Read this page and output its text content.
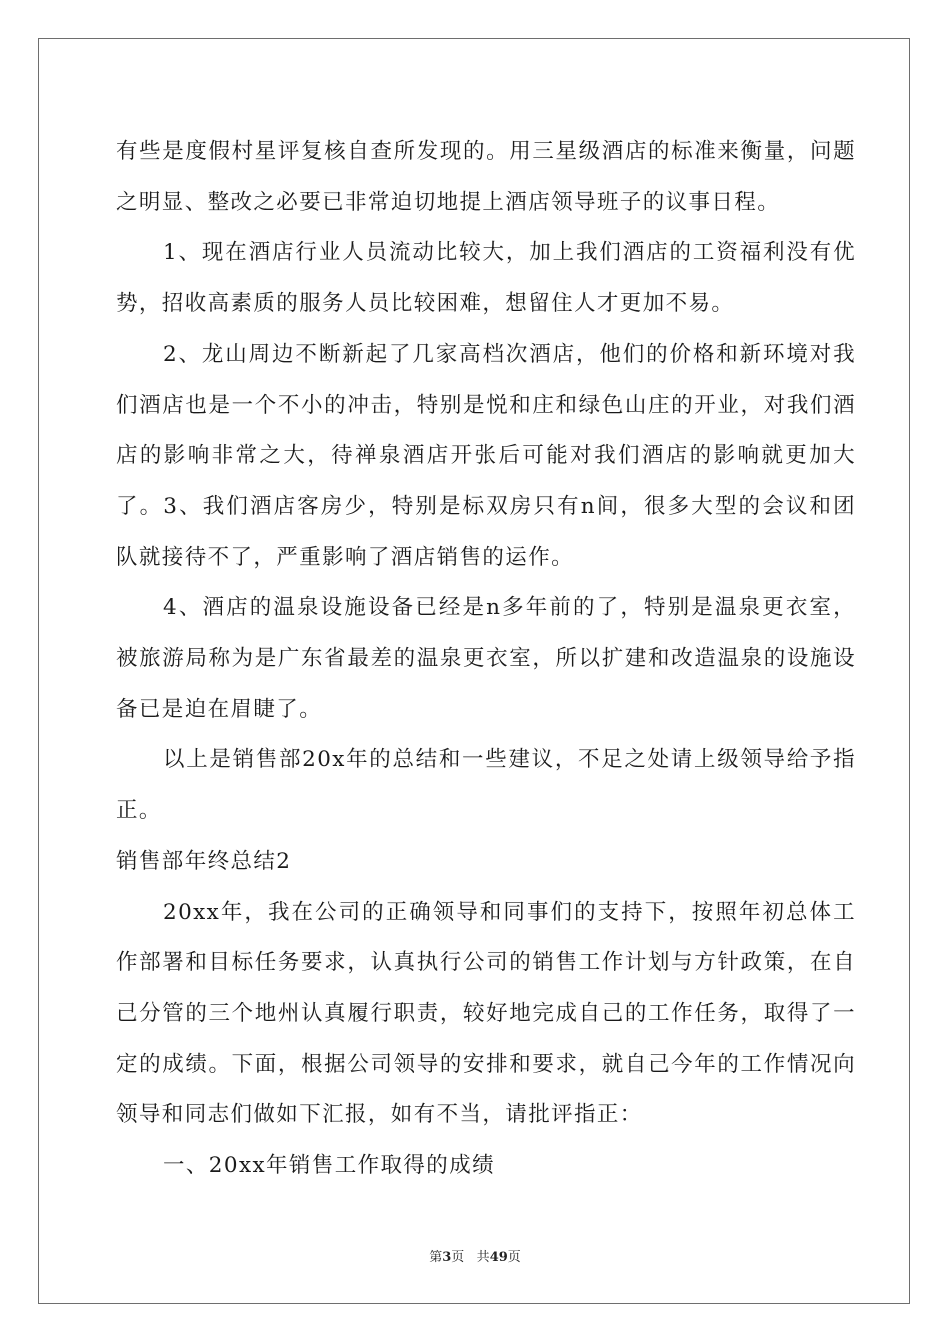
有些是度假村星评复核自查所发现的。用三星级酒店的标准来衡量，问题之明显、整改之必要已非常迫切地提上酒店领导班子的议事日程。

1、现在酒店行业人员流动比较大，加上我们酒店的工资福利没有优势，招收高素质的服务人员比较困难，想留住人才更加不易。

2、龙山周边不断新起了几家高档次酒店，他们的价格和新环境对我们酒店也是一个不小的冲击，特别是悦和庄和绿色山庄的开业，对我们酒店的影响非常之大，待禅泉酒店开张后可能对我们酒店的影响就更加大了。3、我们酒店客房少，特别是标双房只有n间，很多大型的会议和团队就接待不了，严重影响了酒店销售的运作。

4、酒店的温泉设施设备已经是n多年前的了，特别是温泉更衣室，被旅游局称为是广东省最差的温泉更衣室，所以扩建和改造温泉的设施设备已是迫在眉睫了。

以上是销售部20x年的总结和一些建议，不足之处请上级领导给予指正。

销售部年终总结2

20xx年，我在公司的正确领导和同事们的支持下，按照年初总体工作部署和目标任务要求，认真执行公司的销售工作计划与方针政策，在自己分管的三个地州认真履行职责，较好地完成自己的工作任务，取得了一定的成绩。下面，根据公司领导的安排和要求，就自己今年的工作情况向领导和同志们做如下汇报，如有不当，请批评指正：

一、20xx年销售工作取得的成绩

第3页 共49页
